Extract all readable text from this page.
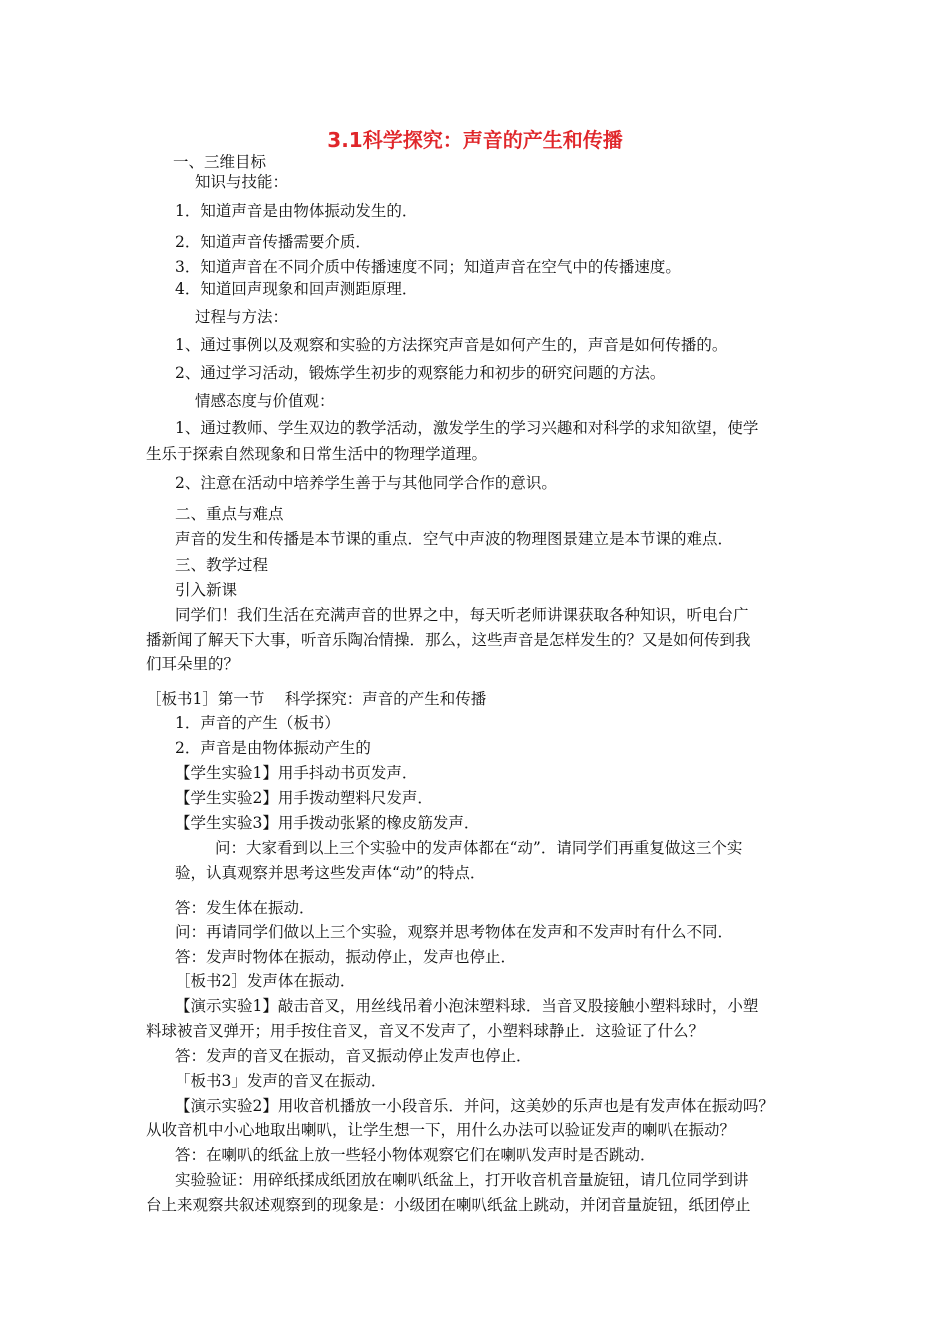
3.1科学探究：声音的产生和传播
一、三维目标
知识与技能：
1．知道声音是由物体振动发生的．
2．知道声音传播需要介质．
3．知道声音在不同介质中传播速度不同；知道声音在空气中的传播速度。
4．知道回声现象和回声测距原理．
过程与方法：
1、通过事例以及观察和实验的方法探究声音是如何产生的，声音是如何传播的。
2、通过学习活动，锻炼学生初步的观察能力和初步的研究问题的方法。
情感态度与价值观：
1、通过教师、学生双边的教学活动，激发学生的学习兴趣和对科学的求知欲望，使学
生乐于探索自然现象和日常生活中的物理学道理。
2、注意在活动中培养学生善于与其他同学合作的意识。
二、重点与难点
声音的发生和传播是本节课的重点．空气中声波的物理图景建立是本节课的难点．
三、教学过程
引入新课
同学们！我们生活在充满声音的世界之中，每天听老师讲课获取各种知识，听电台广
播新闻了解天下大事，听音乐陶冶情操．那么，这些声音是怎样发生的？又是如何传到我
们耳朵里的？
［板书1］第一节　 科学探究：声音的产生和传播
1．声音的产生（板书）
2．声音是由物体振动产生的
【学生实验1】用手抖动书页发声．
【学生实验2】用手拨动塑料尺发声．
【学生实验3】用手拨动张紧的橡皮筋发声．
问：大家看到以上三个实验中的发声体都在“动”．请同学们再重复做这三个实
验，认真观察并思考这些发声体“动”的特点．
答：发生体在振动．
问：再请同学们做以上三个实验，观察并思考物体在发声和不发声时有什么不同．
答：发声时物体在振动，振动停止，发声也停止．
［板书2］发声体在振动．
【演示实验1】敲击音叉，用丝线吊着小泡沫塑料球．当音叉股接触小塑料球时，小塑
料球被音叉弹开；用手按住音叉，音叉不发声了，小塑料球静止．这验证了什么？
答：发声的音叉在振动，音叉振动停止发声也停止．
「板书3」发声的音叉在振动．
【演示实验2】用收音机播放一小段音乐．并问，这美妙的乐声也是有发声体在振动吗？
从收音机中小心地取出喇叭，让学生想一下，用什么办法可以验证发声的喇叭在振动？
答：在喇叭的纸盆上放一些轻小物体观察它们在喇叭发声时是否跳动．
实验验证：用碎纸揉成纸团放在喇叭纸盆上，打开收音机音量旋钮，请几位同学到讲
台上来观察共叙述观察到的现象是：小级团在喇叭纸盆上跳动，并闭音量旋钮，纸团停止
